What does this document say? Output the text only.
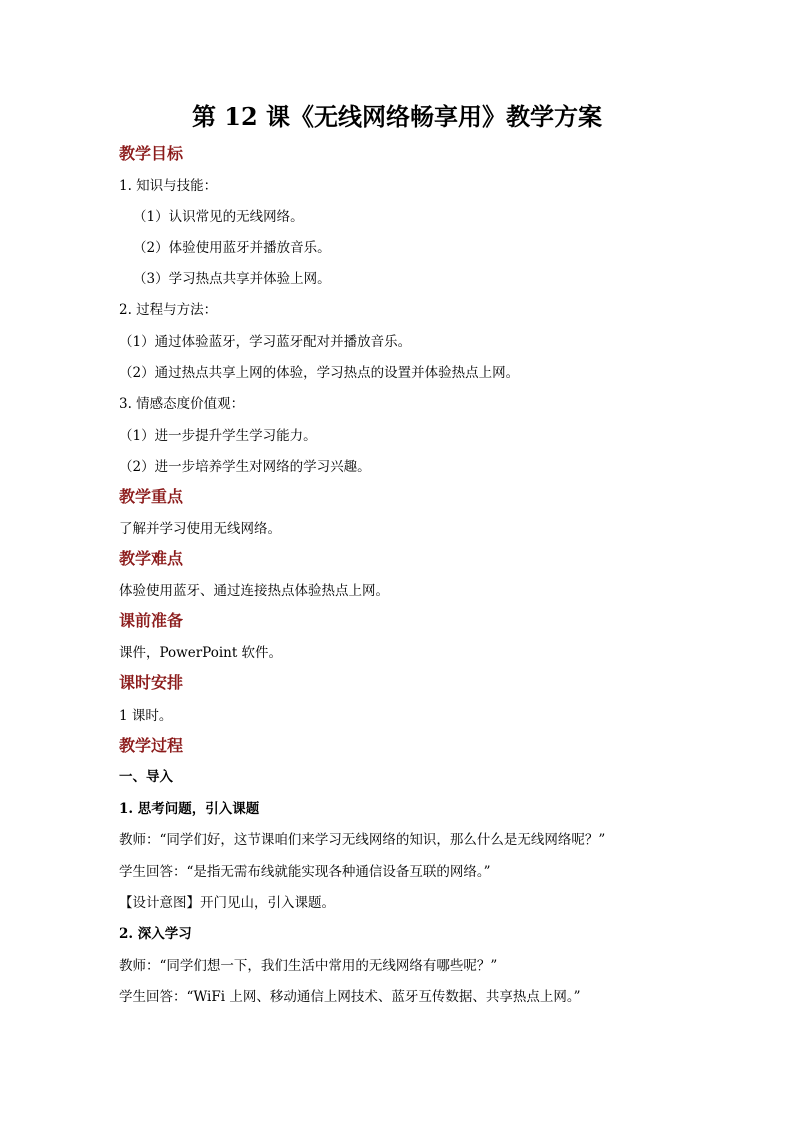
第 12 课《无线网络畅享用》教学方案
教学目标
1. 知识与技能：
（1）认识常见的无线网络。
（2）体验使用蓝牙并播放音乐。
（3）学习热点共享并体验上网。
2. 过程与方法：
（1）通过体验蓝牙，学习蓝牙配对并播放音乐。
（2）通过热点共享上网的体验，学习热点的设置并体验热点上网。
3. 情感态度价值观：
（1）进一步提升学生学习能力。
（2）进一步培养学生对网络的学习兴趣。
教学重点
了解并学习使用无线网络。
教学难点
体验使用蓝牙、通过连接热点体验热点上网。
课前准备
课件，PowerPoint 软件。
课时安排
1 课时。
教学过程
一、导入
1. 思考问题，引入课题
教师：“同学们好，这节课咱们来学习无线网络的知识，那么什么是无线网络呢？”
学生回答：“是指无需布线就能实现各种通信设备互联的网络。”
【设计意图】开门见山，引入课题。
2. 深入学习
教师：“同学们想一下，我们生活中常用的无线网络有哪些呢？”
学生回答：“WiFi 上网、移动通信上网技术、蓝牙互传数据、共享热点上网。”
